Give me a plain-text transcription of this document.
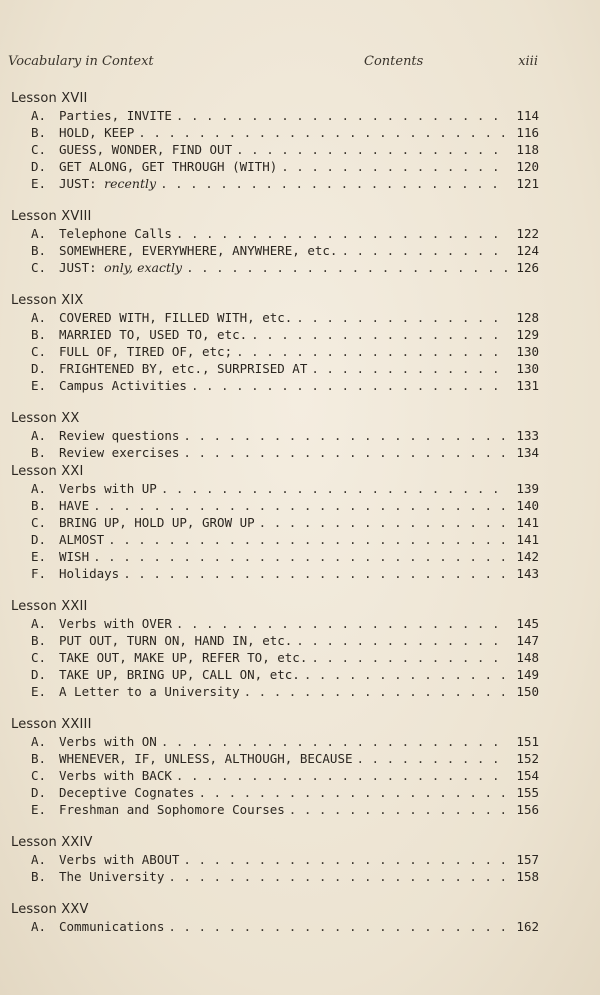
Vocabulary in Context	Contents	xiii
Lesson XVII
A.	Parties, INVITE . . .	114
B.	HOLD, KEEP . . .	116
C.	GUESS, WONDER, FIND OUT . . .	118
D.	GET ALONG, GET THROUGH (WITH) . . .	120
E.	JUST: recently . . .	121
Lesson XVIII
A.	Telephone Calls . . .	122
B.	SOMEWHERE, EVERYWHERE, ANYWHERE, etc. . . .	124
C.	JUST: only, exactly . . .	126
Lesson XIX
A.	COVERED WITH, FILLED WITH, etc. . . .	128
B.	MARRIED TO, USED TO, etc. . . .	129
C.	FULL OF, TIRED OF, etc; . . .	130
D.	FRIGHTENED BY, etc., SURPRISED AT . . .	130
E.	Campus Activities . . .	131
Lesson XX
A.	Review questions . . .	133
B.	Review exercises . . .	134
Lesson XXI
A.	Verbs with UP . . .	139
B.	HAVE . . .	140
C.	BRING UP, HOLD UP, GROW UP . . .	141
D.	ALMOST . . .	141
E.	WISH . . .	142
F.	Holidays . . .	143
Lesson XXII
A.	Verbs with OVER . . .	145
B.	PUT OUT, TURN ON, HAND IN, etc. . . .	147
C.	TAKE OUT, MAKE UP, REFER TO, etc. . . .	148
D.	TAKE UP, BRING UP, CALL ON, etc. . . .	149
E.	A Letter to a University . . .	150
Lesson XXIII
A.	Verbs with ON . . .	151
B.	WHENEVER, IF, UNLESS, ALTHOUGH, BECAUSE . . .	152
C.	Verbs with BACK . . .	154
D.	Deceptive Cognates . . .	155
E.	Freshman and Sophomore Courses . . .	156
Lesson XXIV
A.	Verbs with ABOUT . . .	157
B.	The University . . .	158
Lesson XXV
A.	Communications . . .	162
